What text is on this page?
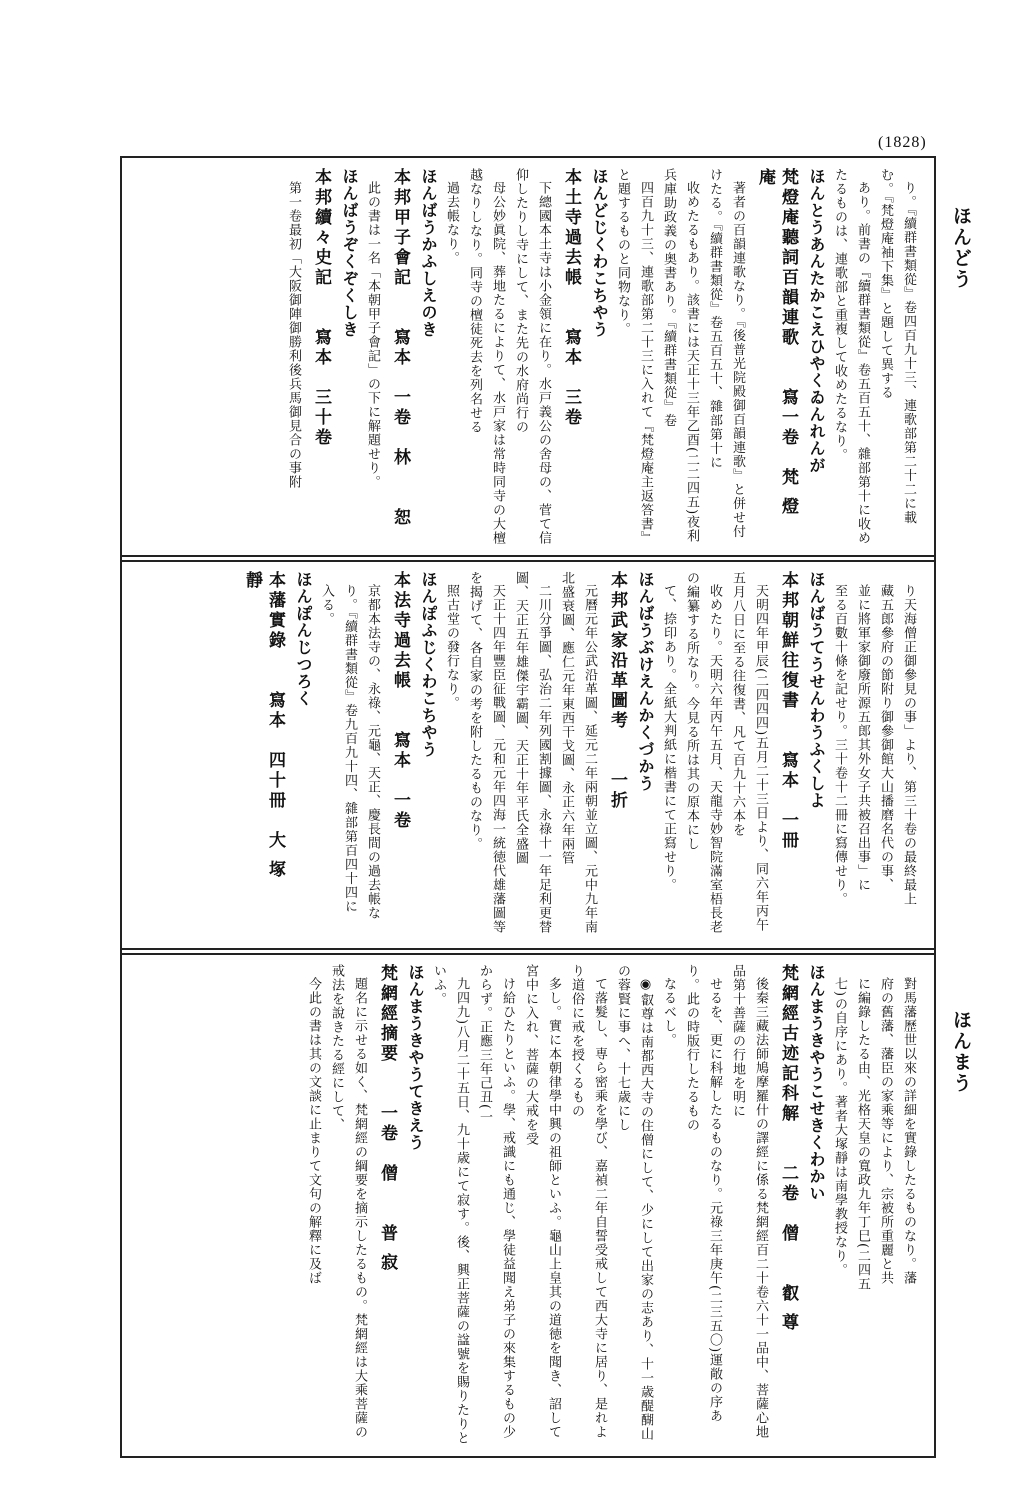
(1828)
ほんどう
ほんまう
り。『續群書類從』卷四百九十三、連歌部第二十二に載む。『梵燈庵袖下集』と題して異する
あり。前書の『續群書類從』卷五百五十、雜部第十に收めたるものは、連歌部と重複して收めたるなり。
ほんとうあんたかこえひやくゐんれんが
梵燈庵聽詞百韻連歌　　寫一卷　梵 燈 庵
著者の百韻連歌なり。『後普光院殿御百韻連歌』と併せ付けたる。『續群書類從』卷五百五十、雜部第十に
收めたるもあり。該書には天正十三年乙酉(二二四五)夜利兵庫助政義の奥書あり。『續群書類從』卷
四百九十三、連歌部第二十三に入れて『梵燈庵主返答書』と題するものと同物なり。
ほんどじくわこちやう
本土寺過去帳　　寫本　三卷
下總國本土寺は小金領に在り。水戸義公の舍母の、菅て信仰したりし寺にして、また先の水府尚行の
母公妙眞院、葬地たるによりて、水戸家は常時同寺の大檀越なりしなり。同寺の檀徒死去を列名せる
過去帳なり。
ほんばうかふしえのき
本邦甲子會記　　寫本　一卷　林　　恕
此の書は一名「本朝甲子會記」の下に解題せり。
ほんばうぞくぞくしき
本邦續々史記　　寫本　三十卷
第一卷最初「大阪御陣御勝利後兵馬御見合の事附
り天海僧正御參見の事」より、第三十卷の最終最上
藏五郎參府の節附り御參御館大山播磨名代の事、
並に將軍家御廢所源五郎其外女子共被召出事」に
至る百數十條を記せり。三十卷十二冊に寫傳せり。
ほんばうてうせんわうふくしよ
本邦朝鮮往復書　　寫本　一冊
天明四年甲辰(二四四四)五月二十三日より、同六年丙午五月八日に至る往復書、凡て百九十六本を
收めたり。天明六年丙午五月、天龍寺妙智院滿室梧長老の編纂する所なり。今見る所は其の原本にし
て、捺印あり。全紙大判紙に楷書にて正寫せり。
ほんばうぶけえんかくづかう
本邦武家沿革圖考　　一折
元曆元年公武沿革圖、延元二年兩朝並立圖、元中九年南北盛衰圖、應仁元年東西干戈圖、永正六年兩管
二川分爭圖、弘治二年列國割據圖、永祿十一年足利更替圖、天正五年雄傑宇霸圖、天正十年平氏全盛圖
天正十四年豐臣征戰圖、元和元年四海一統徳代雄藩圖等を揭げて、各自家の考を附したるものなり。
照古堂の發行なり。
ほんぽふじくわこちやう
本法寺過去帳　　寫本　一卷
京都本法寺の、永祿、元龜、天正、慶長間の過去帳な
り。『續群書類從』卷九百九十四、雜部第百四十四に
入る。
ほんぽんじつろく
本藩實錄　　寫本　四十冊　大 塚　　靜
對馬藩歷世以來の詳細を實錄したるものなり。藩
府の舊藩、藩臣の家乘等により、宗被所重麗と共
に編錄したる由、光格天皇の寬政九年丁巳(二四五
七)の自序にあり。著者大塚靜は南學教授なり。
ほんまうきやうこせきくわかい
梵網經古迹記科解　　二卷　僧　　叡 尊
後秦三藏法師鳩摩羅什の譯經に係る梵網經百二十卷六十一品中、菩薩心地品第十善薩の行地を明に
せるを、更に科解したるものなり。元祿三年庚午(二三五〇)運敞の序あり。此の時版行したるもの
なるべし。
◉叡尊は南都西大寺の住僧にして、少にして出家の志あり、十一歳醍醐山の蓉賢に事へ、十七歳にし
て落髮し、専ら密乘を學び、嘉禎二年自誓受戒して西大寺に居り、是れより道俗に戒を授くるもの
多し。實に本朝律學中興の祖師といふ。龜山上皇其の道徳を聞き、詔して宮中に入れ、菩薩の大戒を受
け給ひたりといふ。學、戒識にも通じ、學徒益聞え弟子の來集するもの少からず。正應三年己丑(一
九四九)八月二十五日、九十歳にて寂す。後、興正菩薩の諡號を賜りたりといふ。
ほんまうきやうてきえう
梵網經摘要　　一卷　僧　　普 寂
題名に示せる如く、梵網經の綱要を摘示したるもの。梵網經は大乘菩薩の戒法を說きたる經にして、
今此の書は其の文談に止まりて文句の解釋に及ば
